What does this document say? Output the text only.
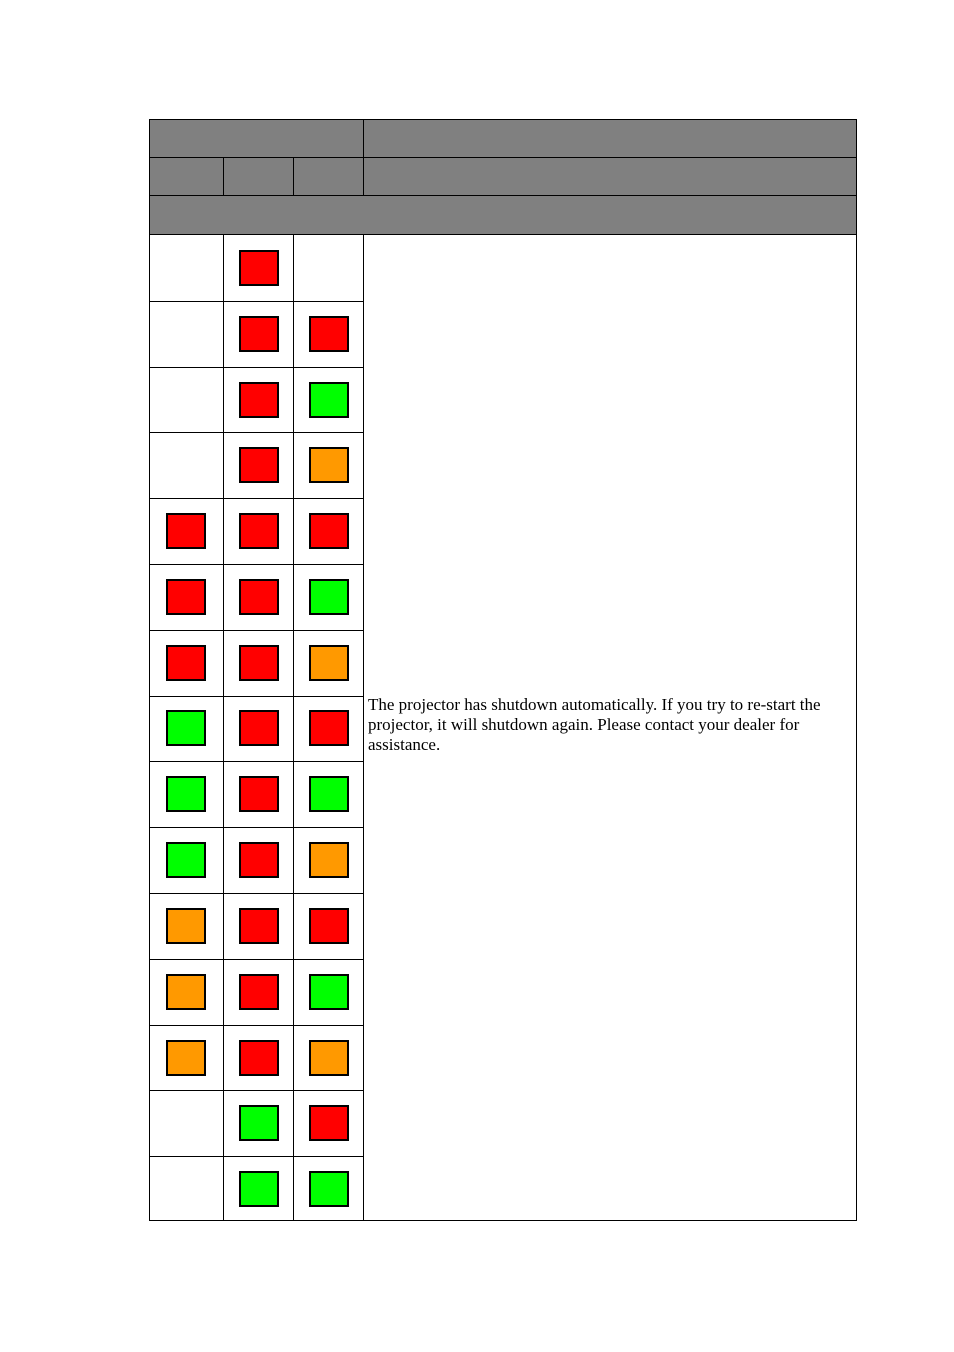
The projector has shutdown automatically. If you try to re-start the projector, it will shutdown again. Please contact your dealer for assistance.
